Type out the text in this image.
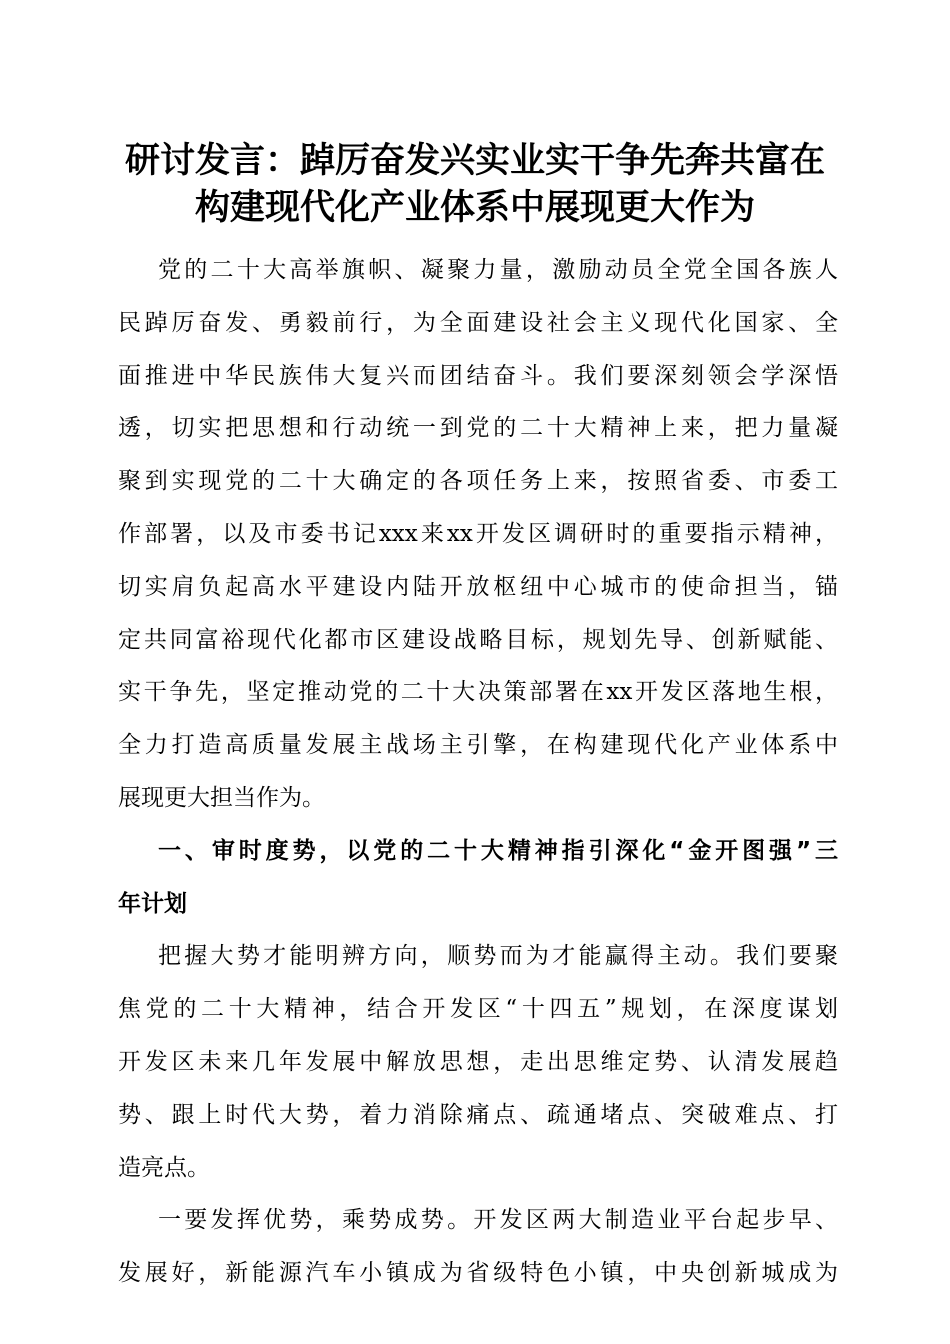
研讨发言：踔厉奋发兴实业实干争先奔共富在
构建现代化产业体系中展现更大作为
党的二十大高举旗帜、凝聚力量，激励动员全党全国各族人
民踔厉奋发、勇毅前行，为全面建设社会主义现代化国家、全
面推进中华民族伟大复兴而团结奋斗。我们要深刻领会学深悟
透，切实把思想和行动统一到党的二十大精神上来，把力量凝
聚到实现党的二十大确定的各项任务上来，按照省委、市委工
作部署，以及市委书记xxx来xx开发区调研时的重要指示精神，
切实肩负起高水平建设内陆开放枢纽中心城市的使命担当，锚
定共同富裕现代化都市区建设战略目标，规划先导、创新赋能、
实干争先，坚定推动党的二十大决策部署在xx开发区落地生根，
全力打造高质量发展主战场主引擎，在构建现代化产业体系中
展现更大担当作为。
一、审时度势，以党的二十大精神指引深化“金开图强”三
年计划
把握大势才能明辨方向，顺势而为才能赢得主动。我们要聚
焦党的二十大精神，结合开发区“十四五”规划，在深度谋划
开发区未来几年发展中解放思想，走出思维定势、认清发展趋
势、跟上时代大势，着力消除痛点、疏通堵点、突破难点、打
造亮点。
一要发挥优势，乘势成势。开发区两大制造业平台起步早、
发展好，新能源汽车小镇成为省级特色小镇，中央创新城成为
